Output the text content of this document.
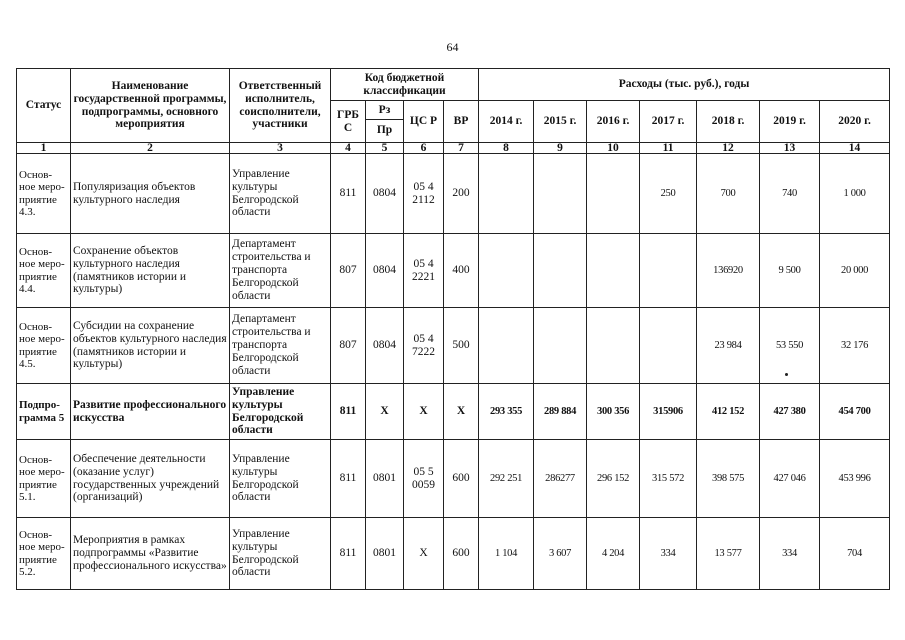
64
Статус	Наименование государственной программы, подпрограммы, основного мероприятия	Ответственный исполнитель, соисполнители, участники	Код бюджетной классификации				Расходы (тыс. руб.), годы						
			ГРБ С	Рз
Пр	ЦС Р	ВР	2014 г.	2015 г.	2016 г.	2017 г.	2018 г.	2019 г.	2020 г.
1	2	3	4	5	6	7	8	9	10	11	12	13	14
Основ-ное меро-приятие 4.3.	Популяризация объектов культурного наследия	Управление культуры Белгородской области	811	0804	05 4 2112	200				250	700	740	1 000
Основ-ное меро-приятие 4.4.	Сохранение объектов культурного наследия (памятников истории и культуры)	Департамент строительства и транспорта Белгородской области	807	0804	05 4 2221	400					136920	9 500	20 000
Основ-ное меро-приятие 4.5.	Субсидии на сохранение объектов культурного наследия (памятников истории и культуры)	Департамент строительства и транспорта Белгородской области	807	0804	05 4 7222	500					23 984	53 550	32 176
Подпро-грамма 5	Развитие профессионального искусства	Управление культуры Белгородской области	811	Х	Х	Х	293 355	289 884	300 356	315906	412 152	427 380	454 700
Основ-ное меро-приятие 5.1.	Обеспечение деятельности (оказание услуг) государственных учреждений (организаций)	Управление культуры Белгородской области	811	0801	05 5 0059	600	292 251	286277	296 152	315 572	398 575	427 046	453 996
Основ-ное меро-приятие 5.2.	Мероприятия в рамках подпрограммы «Развитие профессионального искусства»	Управление культуры Белгородской области	811	0801	Х	600	1 104	3 607	4 204	334	13 577	334	704
